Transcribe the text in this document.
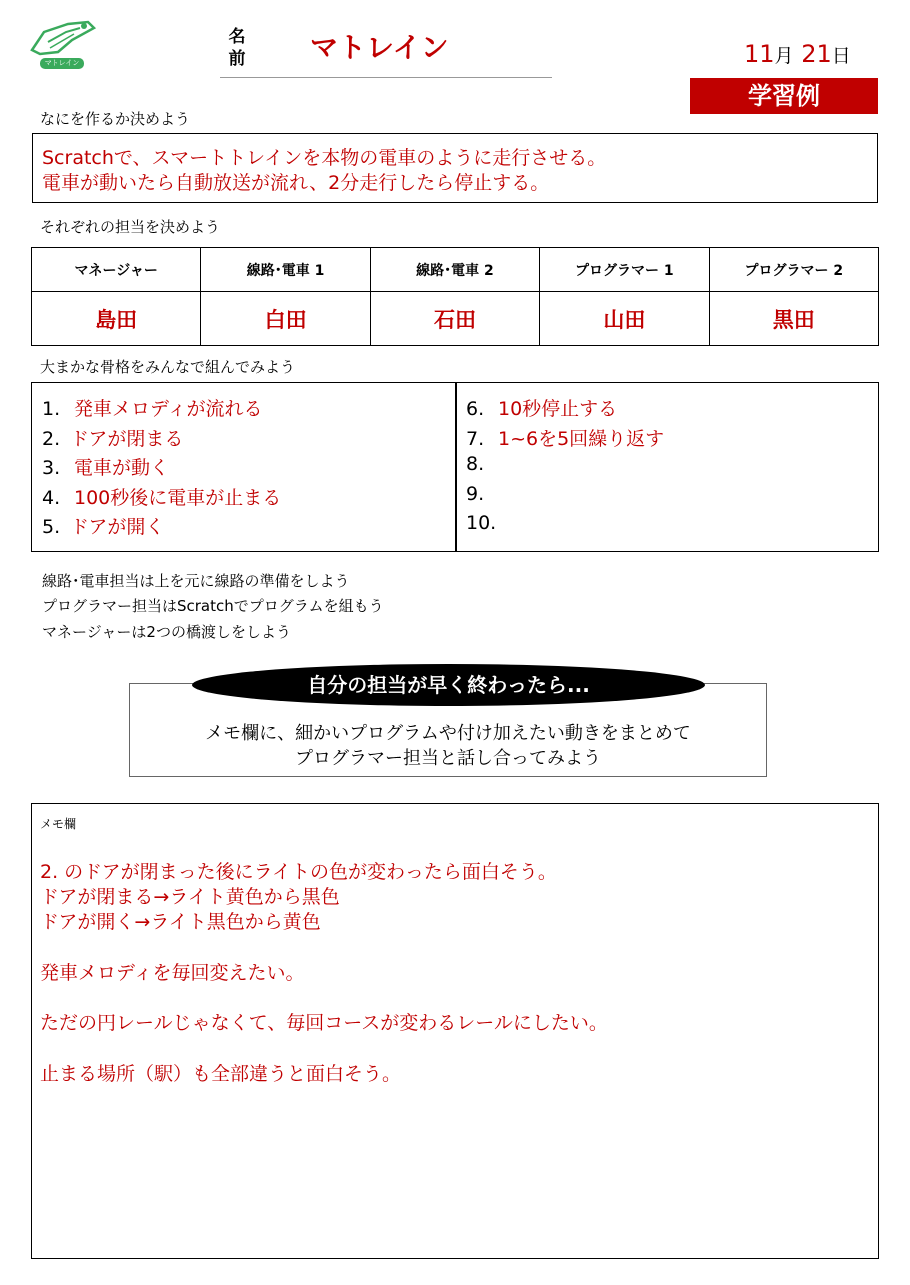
マトレイン
名
前 マトレイン	11月 21日
学習例
なにを作るか決めよう
Scratchで、スマートトレインを本物の電車のように走行させる。
電車が動いたら自動放送が流れ、2分走行したら停止する。
それぞれの担当を決めよう
マネージャー	線路･電車 1	線路･電車 2	プログラマー 1	プログラマー 2
島田	白田	石田	山田	黒田
大まかな骨格をみんなで組んでみよう
1. 発車メロディが流れる
2. ドアが閉まる
3. 電車が動く
4. 100秒後に電車が止まる
5. ドアが開く
6. 10秒停止する
7. 1~6を5回繰り返す
8.
9.
10.
線路･電車担当は上を元に線路の準備をしよう
プログラマー担当はScratchでプログラムを組もう
マネージャーは2つの橋渡しをしよう
自分の担当が早く終わったら...
メモ欄に、細かいプログラムや付け加えたい動きをまとめて
プログラマー担当と話し合ってみよう
メモ欄
2. のドアが閉まった後にライトの色が変わったら面白そう。
ドアが閉まる→ライト黄色から黒色
ドアが開く→ライト黒色から黄色
発車メロディを毎回変えたい。
ただの円レールじゃなくて、毎回コースが変わるレールにしたい。
止まる場所（駅）も全部違うと面白そう。
